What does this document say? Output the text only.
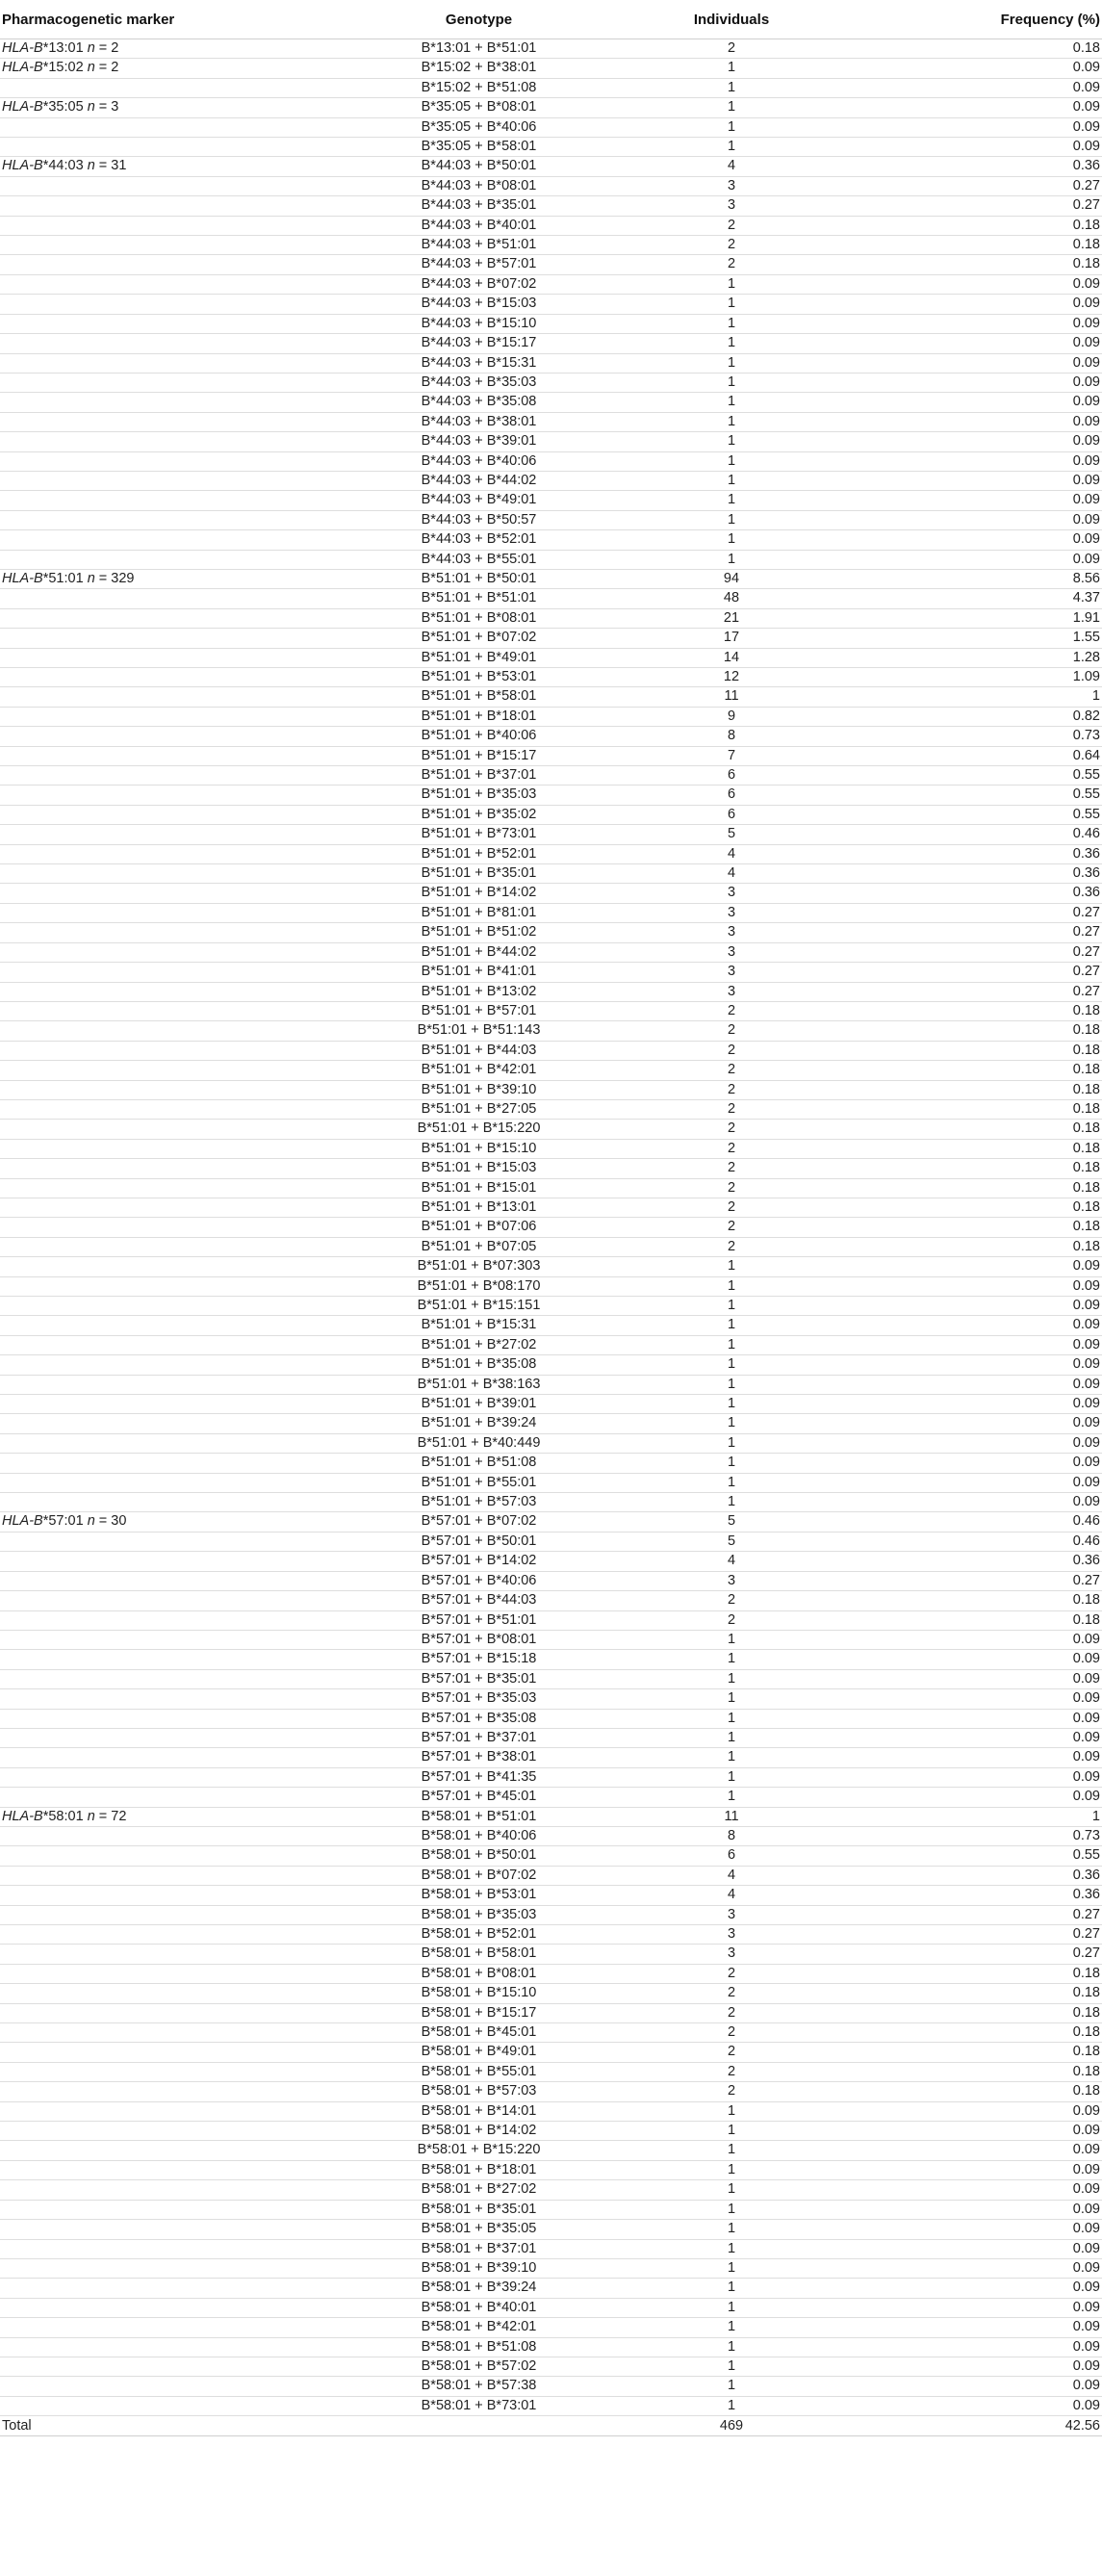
Pharmacogenetic marker	Genotype	Individuals	Frequency (%)
HLA-B*13:01 n = 2	B*13:01 + B*51:01	2	0.18
HLA-B*15:02 n = 2	B*15:02 + B*38:01	1	0.09
	B*15:02 + B*51:08	1	0.09
HLA-B*35:05 n = 3	B*35:05 + B*08:01	1	0.09
	B*35:05 + B*40:06	1	0.09
	B*35:05 + B*58:01	1	0.09
HLA-B*44:03 n = 31	B*44:03 + B*50:01	4	0.36
	B*44:03 + B*08:01	3	0.27
	B*44:03 + B*35:01	3	0.27
	B*44:03 + B*40:01	2	0.18
	B*44:03 + B*51:01	2	0.18
	B*44:03 + B*57:01	2	0.18
	B*44:03 + B*07:02	1	0.09
	B*44:03 + B*15:03	1	0.09
	B*44:03 + B*15:10	1	0.09
	B*44:03 + B*15:17	1	0.09
	B*44:03 + B*15:31	1	0.09
	B*44:03 + B*35:03	1	0.09
	B*44:03 + B*35:08	1	0.09
	B*44:03 + B*38:01	1	0.09
	B*44:03 + B*39:01	1	0.09
	B*44:03 + B*40:06	1	0.09
	B*44:03 + B*44:02	1	0.09
	B*44:03 + B*49:01	1	0.09
	B*44:03 + B*50:57	1	0.09
	B*44:03 + B*52:01	1	0.09
	B*44:03 + B*55:01	1	0.09
HLA-B*51:01 n = 329	B*51:01 + B*50:01	94	8.56
	B*51:01 + B*51:01	48	4.37
	B*51:01 + B*08:01	21	1.91
	B*51:01 + B*07:02	17	1.55
	B*51:01 + B*49:01	14	1.28
	B*51:01 + B*53:01	12	1.09
	B*51:01 + B*58:01	11	1
	B*51:01 + B*18:01	9	0.82
	B*51:01 + B*40:06	8	0.73
	B*51:01 + B*15:17	7	0.64
	B*51:01 + B*37:01	6	0.55
	B*51:01 + B*35:03	6	0.55
	B*51:01 + B*35:02	6	0.55
	B*51:01 + B*73:01	5	0.46
	B*51:01 + B*52:01	4	0.36
	B*51:01 + B*35:01	4	0.36
	B*51:01 + B*14:02	3	0.36
	B*51:01 + B*81:01	3	0.27
	B*51:01 + B*51:02	3	0.27
	B*51:01 + B*44:02	3	0.27
	B*51:01 + B*41:01	3	0.27
	B*51:01 + B*13:02	3	0.27
	B*51:01 + B*57:01	2	0.18
	B*51:01 + B*51:143	2	0.18
	B*51:01 + B*44:03	2	0.18
	B*51:01 + B*42:01	2	0.18
	B*51:01 + B*39:10	2	0.18
	B*51:01 + B*27:05	2	0.18
	B*51:01 + B*15:220	2	0.18
	B*51:01 + B*15:10	2	0.18
	B*51:01 + B*15:03	2	0.18
	B*51:01 + B*15:01	2	0.18
	B*51:01 + B*13:01	2	0.18
	B*51:01 + B*07:06	2	0.18
	B*51:01 + B*07:05	2	0.18
	B*51:01 + B*07:303	1	0.09
	B*51:01 + B*08:170	1	0.09
	B*51:01 + B*15:151	1	0.09
	B*51:01 + B*15:31	1	0.09
	B*51:01 + B*27:02	1	0.09
	B*51:01 + B*35:08	1	0.09
	B*51:01 + B*38:163	1	0.09
	B*51:01 + B*39:01	1	0.09
	B*51:01 + B*39:24	1	0.09
	B*51:01 + B*40:449	1	0.09
	B*51:01 + B*51:08	1	0.09
	B*51:01 + B*55:01	1	0.09
	B*51:01 + B*57:03	1	0.09
HLA-B*57:01 n = 30	B*57:01 + B*07:02	5	0.46
	B*57:01 + B*50:01	5	0.46
	B*57:01 + B*14:02	4	0.36
	B*57:01 + B*40:06	3	0.27
	B*57:01 + B*44:03	2	0.18
	B*57:01 + B*51:01	2	0.18
	B*57:01 + B*08:01	1	0.09
	B*57:01 + B*15:18	1	0.09
	B*57:01 + B*35:01	1	0.09
	B*57:01 + B*35:03	1	0.09
	B*57:01 + B*35:08	1	0.09
	B*57:01 + B*37:01	1	0.09
	B*57:01 + B*38:01	1	0.09
	B*57:01 + B*41:35	1	0.09
	B*57:01 + B*45:01	1	0.09
HLA-B*58:01 n = 72	B*58:01 + B*51:01	11	1
	B*58:01 + B*40:06	8	0.73
	B*58:01 + B*50:01	6	0.55
	B*58:01 + B*07:02	4	0.36
	B*58:01 + B*53:01	4	0.36
	B*58:01 + B*35:03	3	0.27
	B*58:01 + B*52:01	3	0.27
	B*58:01 + B*58:01	3	0.27
	B*58:01 + B*08:01	2	0.18
	B*58:01 + B*15:10	2	0.18
	B*58:01 + B*15:17	2	0.18
	B*58:01 + B*45:01	2	0.18
	B*58:01 + B*49:01	2	0.18
	B*58:01 + B*55:01	2	0.18
	B*58:01 + B*57:03	2	0.18
	B*58:01 + B*14:01	1	0.09
	B*58:01 + B*14:02	1	0.09
	B*58:01 + B*15:220	1	0.09
	B*58:01 + B*18:01	1	0.09
	B*58:01 + B*27:02	1	0.09
	B*58:01 + B*35:01	1	0.09
	B*58:01 + B*35:05	1	0.09
	B*58:01 + B*37:01	1	0.09
	B*58:01 + B*39:10	1	0.09
	B*58:01 + B*39:24	1	0.09
	B*58:01 + B*40:01	1	0.09
	B*58:01 + B*42:01	1	0.09
	B*58:01 + B*51:08	1	0.09
	B*58:01 + B*57:02	1	0.09
	B*58:01 + B*57:38	1	0.09
	B*58:01 + B*73:01	1	0.09
Total		469	42.56
